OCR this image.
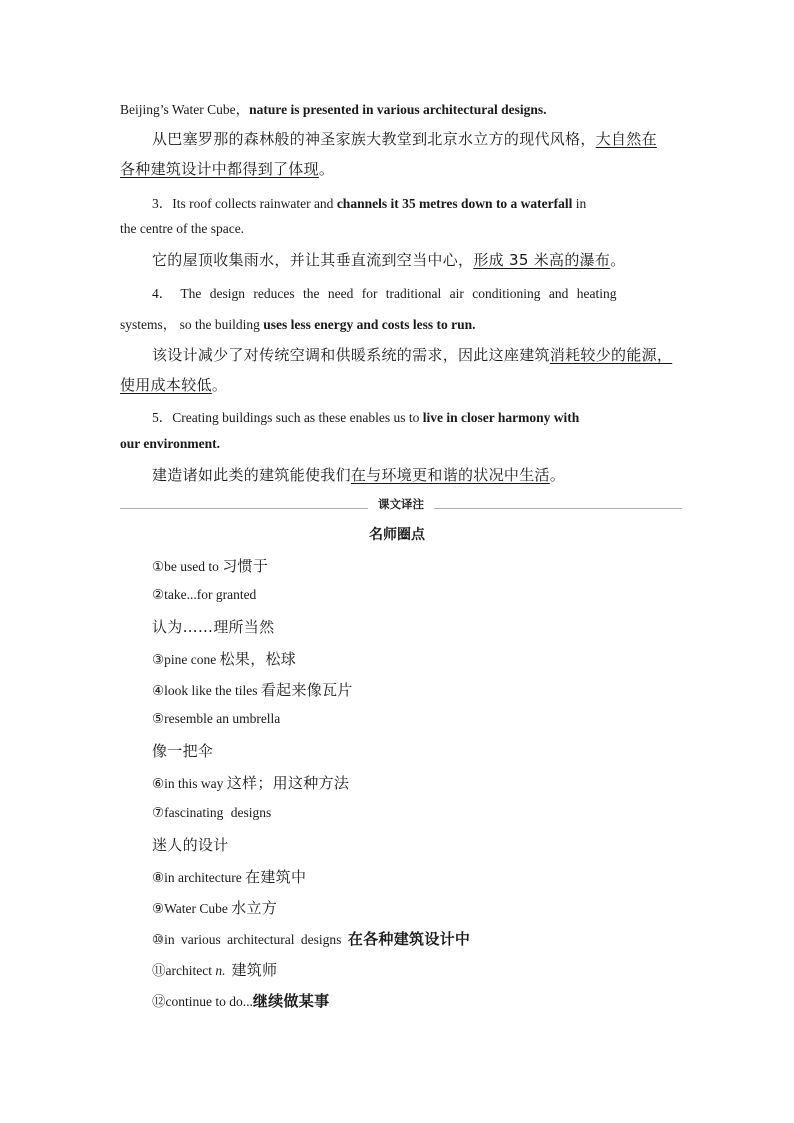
Beijing’s Water Cube，nature is presented in various architectural designs.
从巴塞罗那的森林般的神圣家族大教堂到北京水立方的现代风格，大自然在
各种建筑设计中都得到了体现。
3．Its roof collects rainwater and channels it 35 metres down to a waterfall in
the centre of the space.
它的屋顶收集雨水，并让其垂直流到空当中心，形成 35 米高的瀑布。
4． The design reduces the need for traditional air conditioning and heating
systems， so the building uses less energy and costs less to run.
该设计减少了对传统空调和供暖系统的需求，因此这座建筑消耗较少的能源，
使用成本较低。
5．Creating buildings such as these enables us to live in closer harmony with
our environment.
建造诸如此类的建筑能使我们在与环境更和谐的状况中生活。
课文译注
名师圈点
①be used to 习惯于
②take...for granted
认为……理所当然
③pine cone 松果，松球
④look like the tiles 看起来像瓦片
⑤resemble an umbrella
像一把伞
⑥in this way 这样；用这种方法
⑦fascinating designs
迷人的设计
⑧in architecture 在建筑中
⑨Water Cube 水立方
⑩in various architectural designs 在各种建筑设计中
⑪architect n. 建筑师
⑫continue to do...继续做某事
